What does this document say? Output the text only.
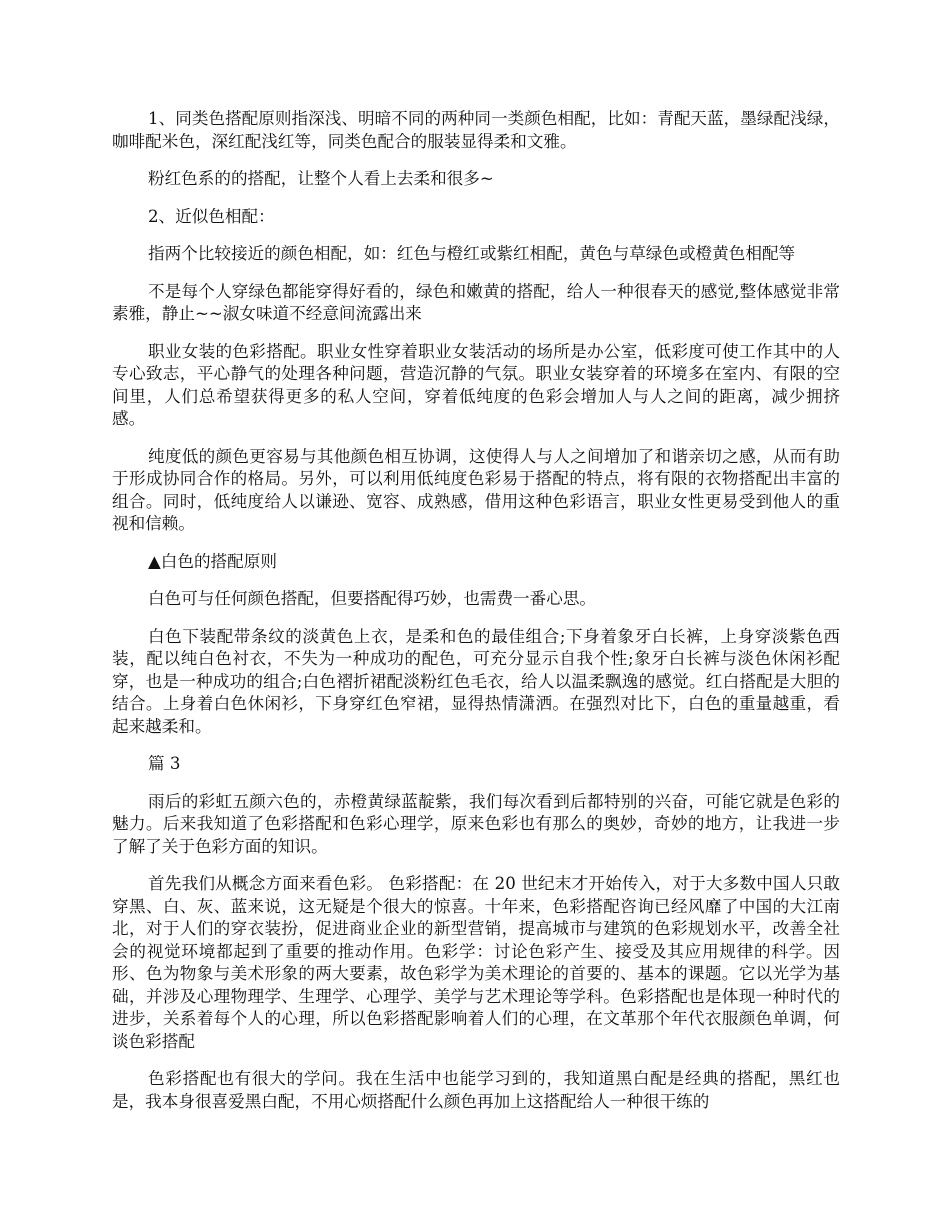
1、同类色搭配原则指深浅、明暗不同的两种同一类颜色相配，比如：青配天蓝，墨绿配浅绿，咖啡配米色，深红配浅红等，同类色配合的服装显得柔和文雅。

粉红色系的的搭配，让整个人看上去柔和很多~

2、近似色相配：

指两个比较接近的颜色相配，如：红色与橙红或紫红相配，黄色与草绿色或橙黄色相配等

不是每个人穿绿色都能穿得好看的，绿色和嫩黄的搭配，给人一种很春天的感觉,整体感觉非常素雅，静止~~淑女味道不经意间流露出来

职业女装的色彩搭配。职业女性穿着职业女装活动的场所是办公室，低彩度可使工作其中的人专心致志，平心静气的处理各种问题，营造沉静的气氛。职业女装穿着的环境多在室内、有限的空间里，人们总希望获得更多的私人空间，穿着低纯度的色彩会增加人与人之间的距离，减少拥挤感。

纯度低的颜色更容易与其他颜色相互协调，这使得人与人之间增加了和谐亲切之感，从而有助于形成协同合作的格局。另外，可以利用低纯度色彩易于搭配的特点，将有限的衣物搭配出丰富的组合。同时，低纯度给人以谦逊、宽容、成熟感，借用这种色彩语言，职业女性更易受到他人的重视和信赖。

▲白色的搭配原则

白色可与任何颜色搭配，但要搭配得巧妙，也需费一番心思。

白色下装配带条纹的淡黄色上衣，是柔和色的最佳组合;下身着象牙白长裤，上身穿淡紫色西装，配以纯白色衬衣，不失为一种成功的配色，可充分显示自我个性;象牙白长裤与淡色休闲衫配穿，也是一种成功的组合;白色褶折裙配淡粉红色毛衣，给人以温柔飘逸的感觉。红白搭配是大胆的结合。上身着白色休闲衫，下身穿红色窄裙，显得热情潇洒。在强烈对比下，白色的重量越重，看起来越柔和。

篇 3

雨后的彩虹五颜六色的，赤橙黄绿蓝靛紫，我们每次看到后都特别的兴奋，可能它就是色彩的魅力。后来我知道了色彩搭配和色彩心理学，原来色彩也有那么的奥妙，奇妙的地方，让我进一步了解了关于色彩方面的知识。

首先我们从概念方面来看色彩。 色彩搭配：在 20 世纪末才开始传入，对于大多数中国人只敢穿黑、白、灰、蓝来说，这无疑是个很大的惊喜。十年来，色彩搭配咨询已经风靡了中国的大江南北，对于人们的穿衣装扮，促进商业企业的新型营销，提高城市与建筑的色彩规划水平，改善全社会的视觉环境都起到了重要的推动作用。色彩学：讨论色彩产生、接受及其应用规律的科学。因形、色为物象与美术形象的两大要素，故色彩学为美术理论的首要的、基本的课题。它以光学为基础，并涉及心理物理学、生理学、心理学、美学与艺术理论等学科。色彩搭配也是体现一种时代的进步，关系着每个人的心理，所以色彩搭配影响着人们的心理，在文革那个年代衣服颜色单调，何谈色彩搭配

色彩搭配也有很大的学问。我在生活中也能学习到的，我知道黑白配是经典的搭配，黑红也是，我本身很喜爱黑白配，不用心烦搭配什么颜色再加上这搭配给人一种很干练的
